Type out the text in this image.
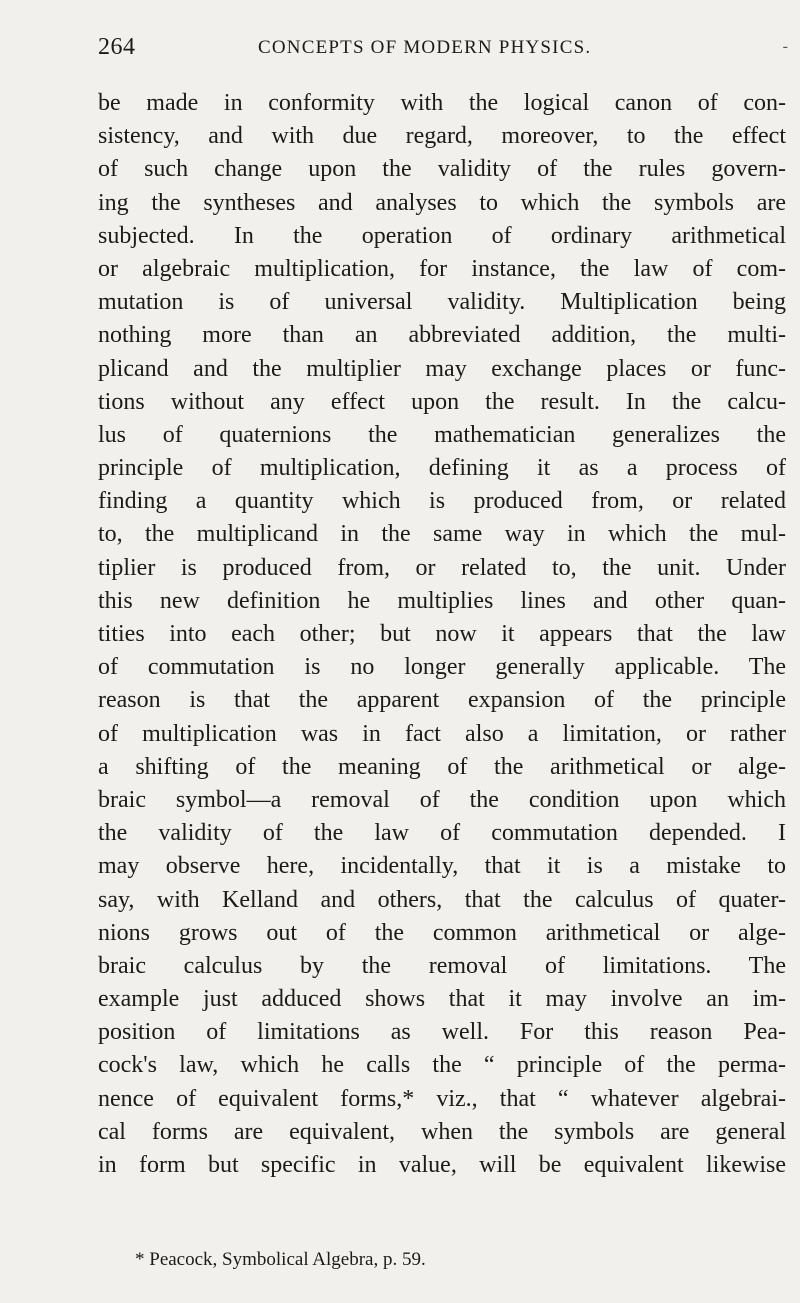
264	CONCEPTS OF MODERN PHYSICS.	-
be made in conformity with the logical canon of con-
sistency, and with due regard, moreover, to the effect
of such change upon the validity of the rules govern-
ing the syntheses and analyses to which the symbols are
subjected. In the operation of ordinary arithmetical
or algebraic multiplication, for instance, the law of com-
mutation is of universal validity. Multiplication being
nothing more than an abbreviated addition, the multi-
plicand and the multiplier may exchange places or func-
tions without any effect upon the result. In the calcu-
lus of quaternions the mathematician generalizes the
principle of multiplication, defining it as a process of
finding a quantity which is produced from, or related
to, the multiplicand in the same way in which the mul-
tiplier is produced from, or related to, the unit. Under
this new definition he multiplies lines and other quan-
tities into each other; but now it appears that the law
of commutation is no longer generally applicable. The
reason is that the apparent expansion of the principle
of multiplication was in fact also a limitation, or rather
a shifting of the meaning of the arithmetical or alge-
braic symbol—a removal of the condition upon which
the validity of the law of commutation depended. I
may observe here, incidentally, that it is a mistake to
say, with Kelland and others, that the calculus of quater-
nions grows out of the common arithmetical or alge-
braic calculus by the removal of limitations. The
example just adduced shows that it may involve an im-
position of limitations as well. For this reason Pea-
cock's law, which he calls the “ principle of the perma-
nence of equivalent forms,* viz., that “ whatever algebrai-
cal forms are equivalent, when the symbols are general
in form but specific in value, will be equivalent likewise
* Peacock, Symbolical Algebra, p. 59.
